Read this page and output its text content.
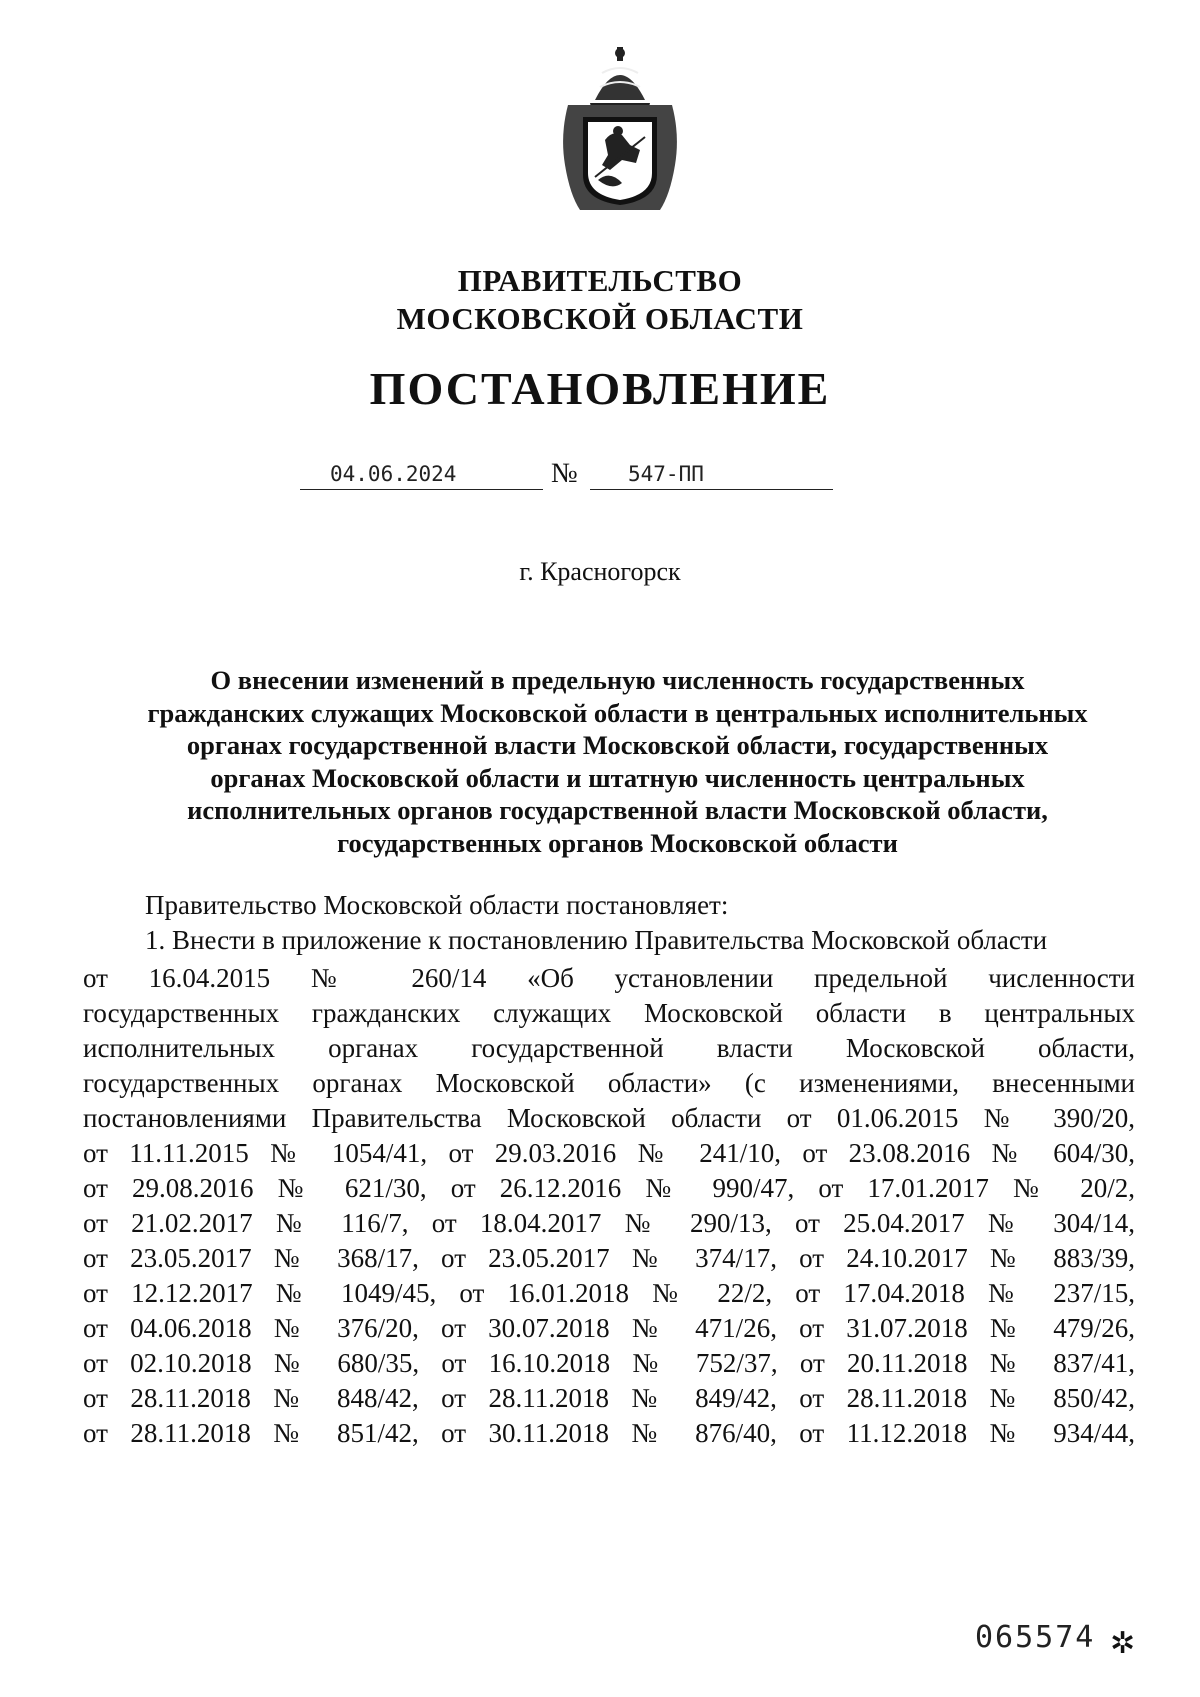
ПРАВИТЕЛЬСТВО
МОСКОВСКОЙ ОБЛАСТИ
ПОСТАНОВЛЕНИЕ
04.06.2024	№ 547-ПП
г. Красногорск
О внесении изменений в предельную численность государственных
гражданских служащих Московской области в центральных исполнительных
органах государственной власти Московской области, государственных
органах Московской области и штатную численность центральных
исполнительных органов государственной власти Московской области,
государственных органов Московской области
Правительство Московской области постановляет:
1. Внести в приложение к постановлению Правительства Московской области
от 16.04.2015 № 260/14 «Об установлении предельной численности
государственных гражданских служащих Московской области в центральных
исполнительных органах государственной власти Московской области,
государственных органах Московской области» (с изменениями, внесенными
постановлениями Правительства Московской области от 01.06.2015 № 390/20,
от 11.11.2015 № 1054/41, от 29.03.2016 № 241/10, от 23.08.2016 № 604/30,
от 29.08.2016 № 621/30, от 26.12.2016 № 990/47, от 17.01.2017 № 20/2,
от 21.02.2017 № 116/7, от 18.04.2017 № 290/13, от 25.04.2017 № 304/14,
от 23.05.2017 № 368/17, от 23.05.2017 № 374/17, от 24.10.2017 № 883/39,
от 12.12.2017 № 1049/45, от 16.01.2018 № 22/2, от 17.04.2018 № 237/15,
от 04.06.2018 № 376/20, от 30.07.2018 № 471/26, от 31.07.2018 № 479/26,
от 02.10.2018 № 680/35, от 16.10.2018 № 752/37, от 20.11.2018 № 837/41,
от 28.11.2018 № 848/42, от 28.11.2018 № 849/42, от 28.11.2018 № 850/42,
от 28.11.2018 № 851/42, от 30.11.2018 № 876/40, от 11.12.2018 № 934/44,
065574 ✲
